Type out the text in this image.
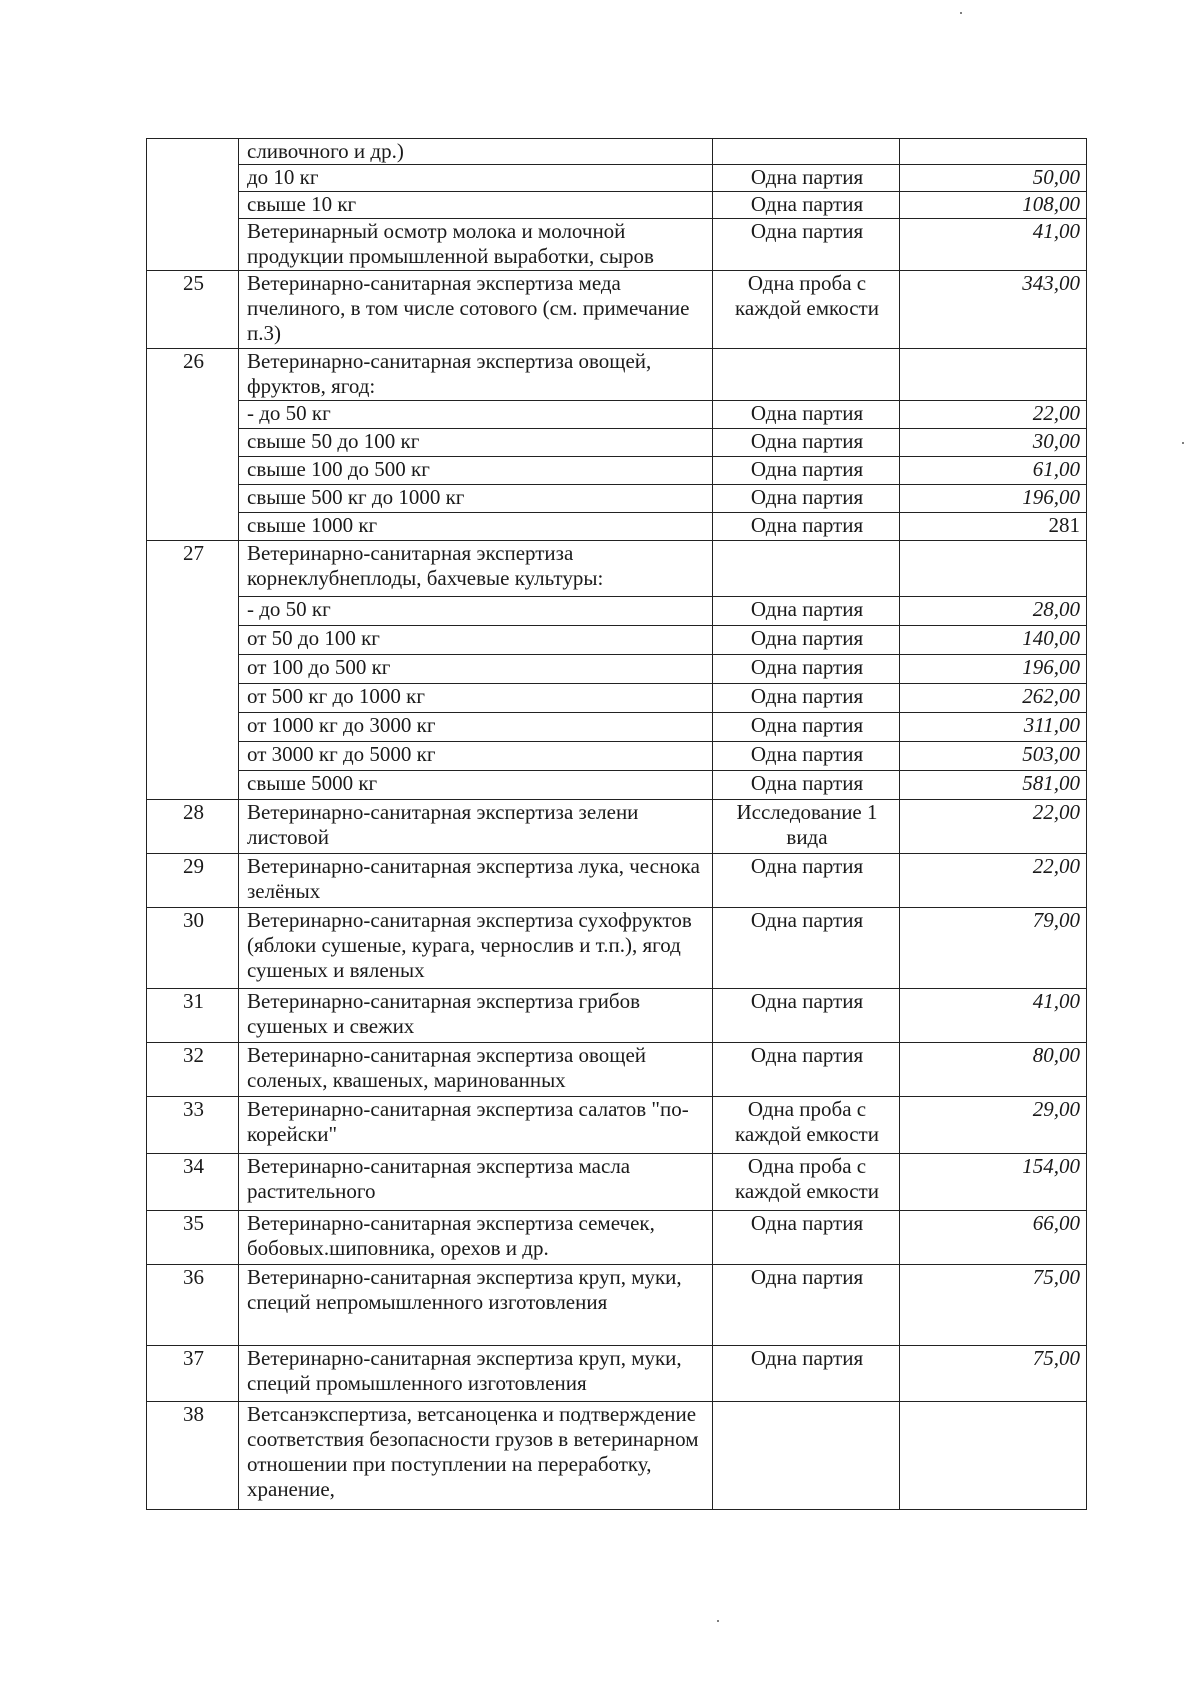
	сливочного и др.)		
	до 10 кг	Одна партия	50,00
	свыше 10 кг	Одна партия	108,00
	Ветеринарный осмотр молока и молочной продукции промышленной выработки, сыров	Одна партия	41,00
25	Ветеринарно-санитарная экспертиза меда пчелиного, в том числе сотового (см. примечание п.3)	Одна проба с каждой емкости	343,00
26	Ветеринарно-санитарная экспертиза овощей, фруктов, ягод:		
	- до 50 кг	Одна партия	22,00
	свыше 50 до 100 кг	Одна партия	30,00
	свыше 100 до 500 кг	Одна партия	61,00
	свыше 500 кг до 1000 кг	Одна партия	196,00
	свыше 1000 кг	Одна партия	281
27	Ветеринарно-санитарная экспертиза корнеклубнеплоды, бахчевые культуры:		
	- до 50 кг	Одна партия	28,00
	от 50 до 100 кг	Одна партия	140,00
	от 100 до 500 кг	Одна партия	196,00
	от 500 кг до 1000 кг	Одна партия	262,00
	от 1000 кг до 3000 кг	Одна партия	311,00
	от 3000 кг до 5000 кг	Одна партия	503,00
	свыше 5000 кг	Одна партия	581,00
28	Ветеринарно-санитарная экспертиза зелени листовой	Исследование 1 вида	22,00
29	Ветеринарно-санитарная экспертиза лука, чеснока зелёных	Одна партия	22,00
30	Ветеринарно-санитарная экспертиза сухофруктов (яблоки сушеные, курага, чернослив и т.п.), ягод сушеных и вяленых	Одна партия	79,00
31	Ветеринарно-санитарная экспертиза грибов сушеных и свежих	Одна партия	41,00
32	Ветеринарно-санитарная экспертиза овощей соленых, квашеных, маринованных	Одна партия	80,00
33	Ветеринарно-санитарная экспертиза салатов "по-корейски"	Одна проба с каждой емкости	29,00
34	Ветеринарно-санитарная экспертиза масла растительного	Одна проба с каждой емкости	154,00
35	Ветеринарно-санитарная экспертиза семечек, бобовых.шиповника, орехов и др.	Одна партия	66,00
36	Ветеринарно-санитарная экспертиза круп, муки, специй непромышленного изготовления	Одна партия	75,00
37	Ветеринарно-санитарная экспертиза круп, муки, специй промышленного изготовления	Одна партия	75,00
38	Ветсанэкспертиза, ветсаноценка и подтверждение соответствия безопасности грузов в ветеринарном отношении при поступлении на переработку, хранение,		
